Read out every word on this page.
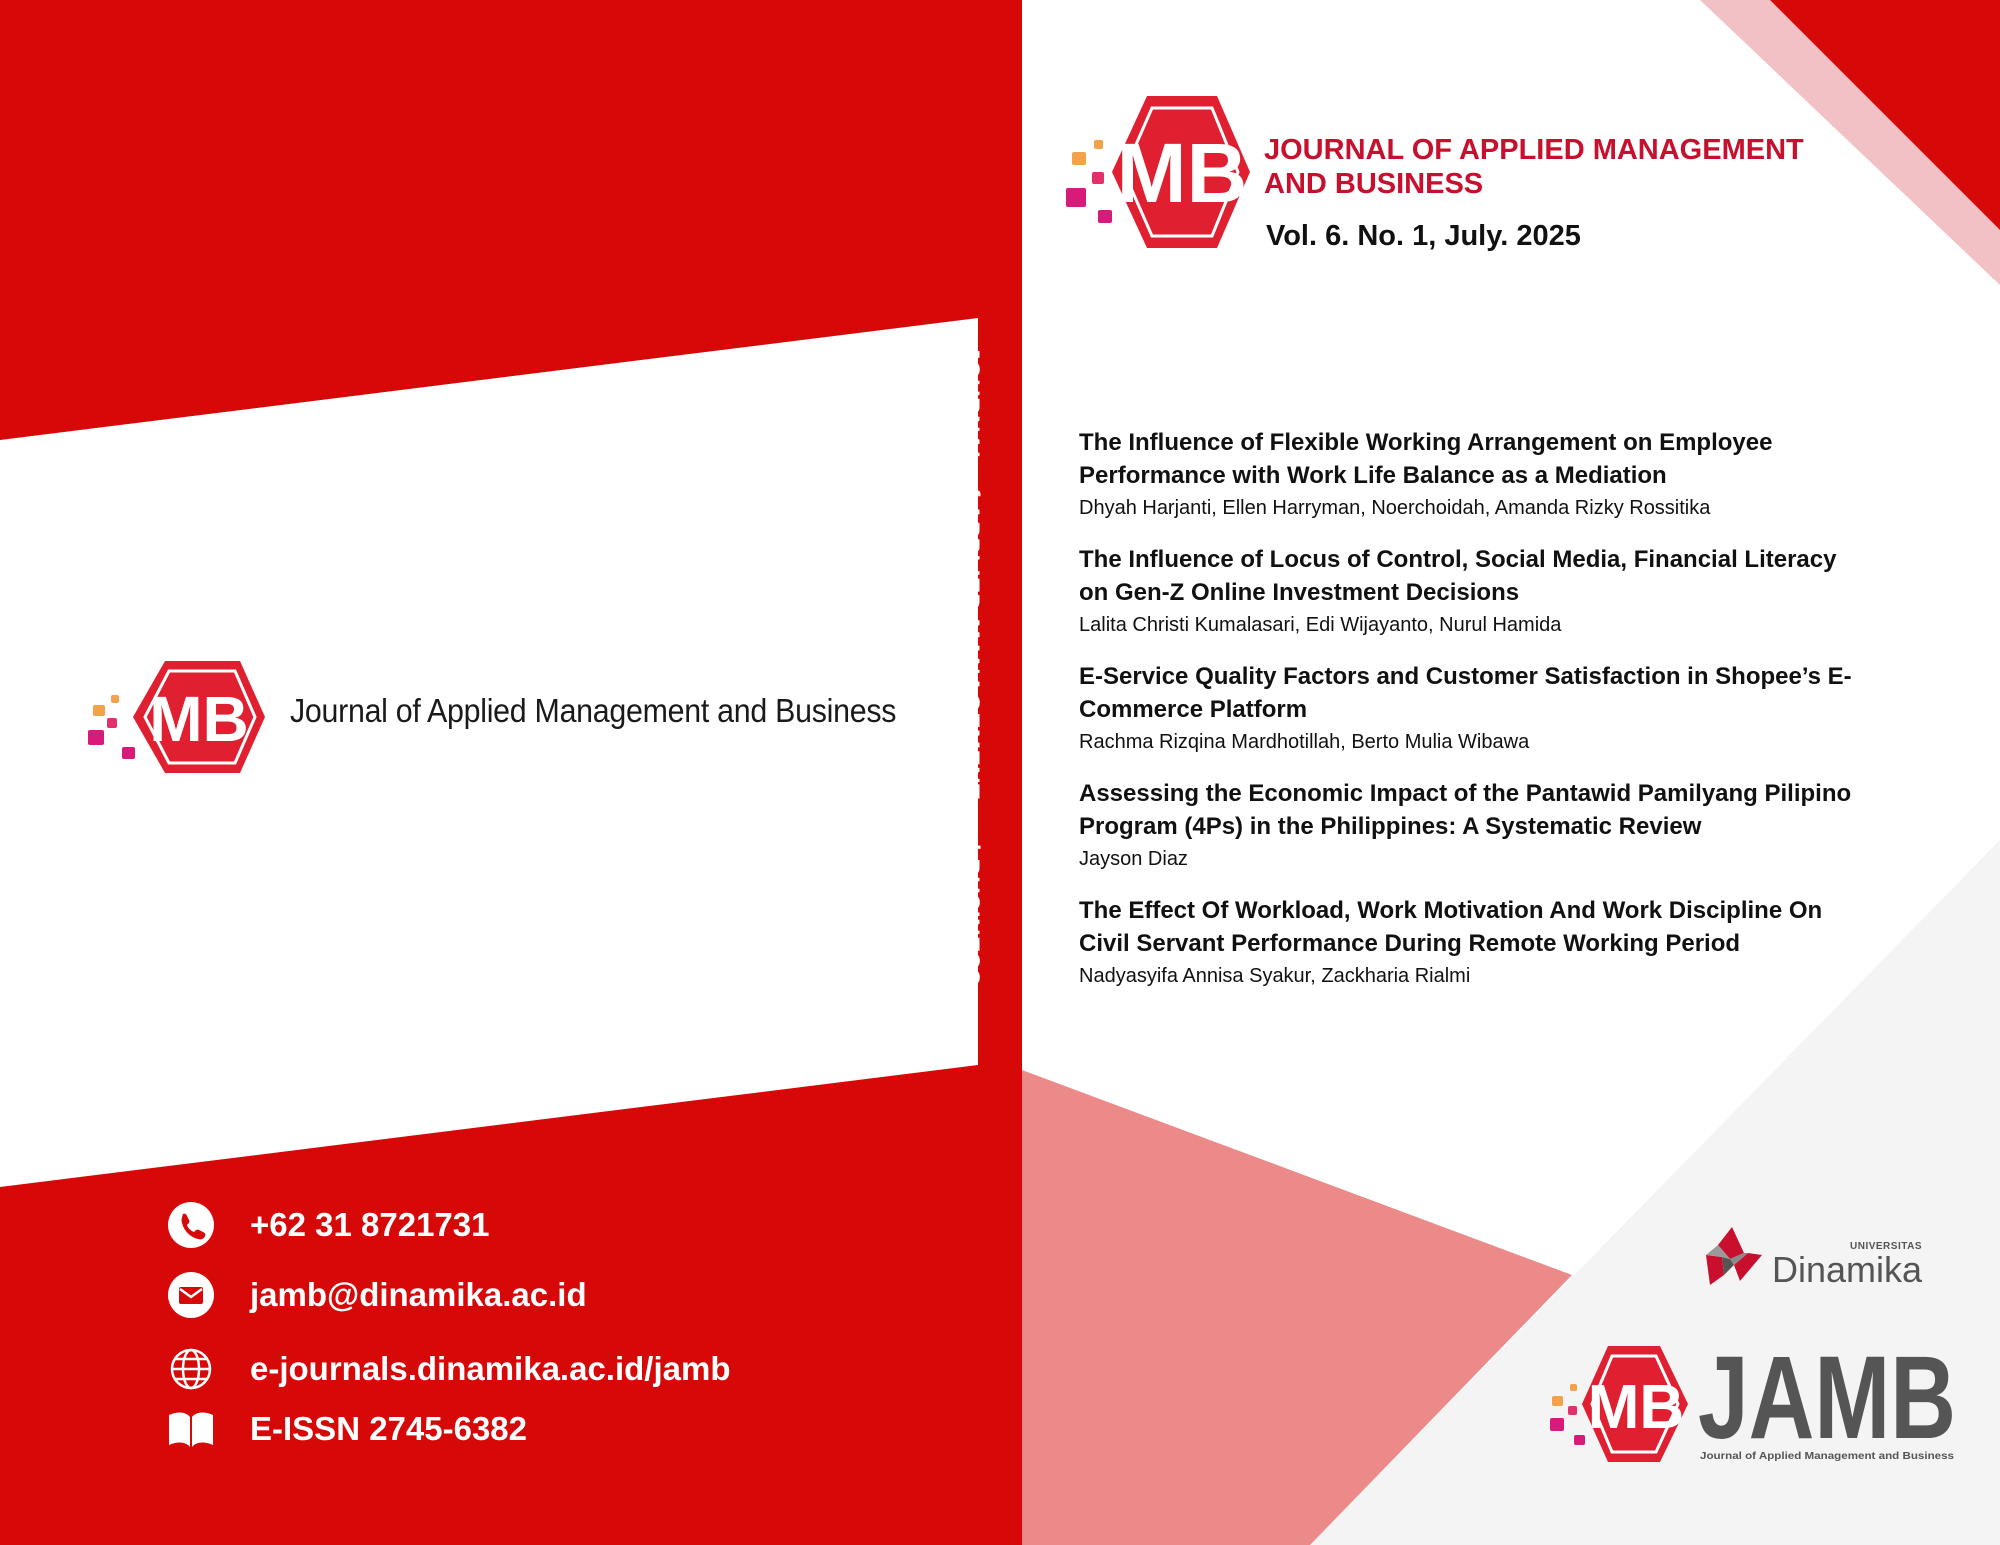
MB Journal of Applied Management and Business
+62 31 8721731
jamb@dinamika.ac.id
e-journals.dinamika.ac.id/jamb
E-ISSN 2745-6382
JOURNAL of APPLIED MANAGEMENT and BUSINESS
MB JOURNAL OF APPLIED MANAGEMENT AND BUSINESS
Vol. 6. No. 1, July. 2025
The Influence of Flexible Working Arrangement on Employee Performance with Work Life Balance as a Mediation
Dhyah Harjanti, Ellen Harryman, Noerchoidah, Amanda Rizky Rossitika
The Influence of Locus of Control, Social Media, Financial Literacy on Gen-Z Online Investment Decisions
Lalita Christi Kumalasari, Edi Wijayanto, Nurul Hamida
E-Service Quality Factors and Customer Satisfaction in Shopee’s E-Commerce Platform
Rachma Rizqina Mardhotillah, Berto Mulia Wibawa
Assessing the Economic Impact of the Pantawid Pamilyang Pilipino Program (4Ps) in the Philippines: A Systematic Review
Jayson Diaz
The Effect Of Workload, Work Motivation And Work Discipline On Civil Servant Performance During Remote Working Period
Nadyasyifa Annisa Syakur, Zackharia Rialmi
UNIVERSITAS
Dinamika
MB JAMB
Journal of Applied Management and Business
